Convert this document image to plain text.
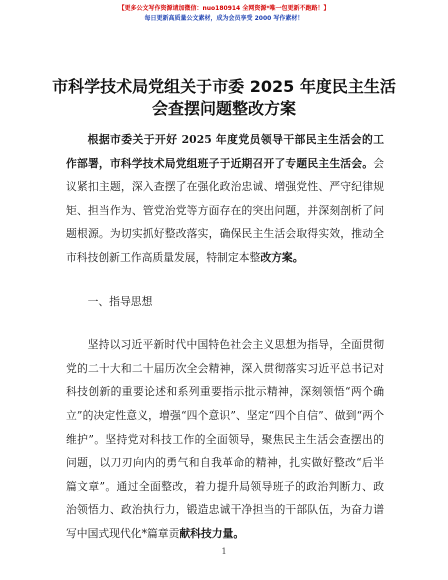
【更多公文写作资源请加微信：nuo180914 全网资源*唯一包更新不跑路！】
每日更新高质量公文素材，成为会员享受 2000 写作素材！
市科学技术局党组关于市委 2025 年度民主生活
会查摆问题整改方案

根据市委关于开好 2025 年度党员领导干部民主生活会的工作部署，市科学技术局党组班子于近期召开了专题民主生活会。会议紧扣主题，深入查摆了在强化政治忠诚、增强党性、严守纪律规矩、担当作为、管党治党等方面存在的突出问题，并深刻剖析了问题根源。为切实抓好整改落实，确保民主生活会取得实效，推动全市科技创新工作高质量发展，特制定本整改方案。

一、指导思想

坚持以习近平新时代中国特色社会主义思想为指导，全面贯彻党的二十大和二十届历次全会精神，深入贯彻落实习近平总书记对科技创新的重要论述和系列重要指示批示精神，深刻领悟“两个确立”的决定性意义，增强“四个意识”、坚定“四个自信”、做到“两个维护”。坚持党对科技工作的全面领导，聚焦民主生活会查摆出的问题，以刀刃向内的勇气和自我革命的精神，扎实做好整改“后半篇文章”。通过全面整改，着力提升局领导班子的政治判断力、政治领悟力、政治执行力，锻造忠诚干净担当的干部队伍，为奋力谱写中国式现代化*篇章贡献科技力量。

1
